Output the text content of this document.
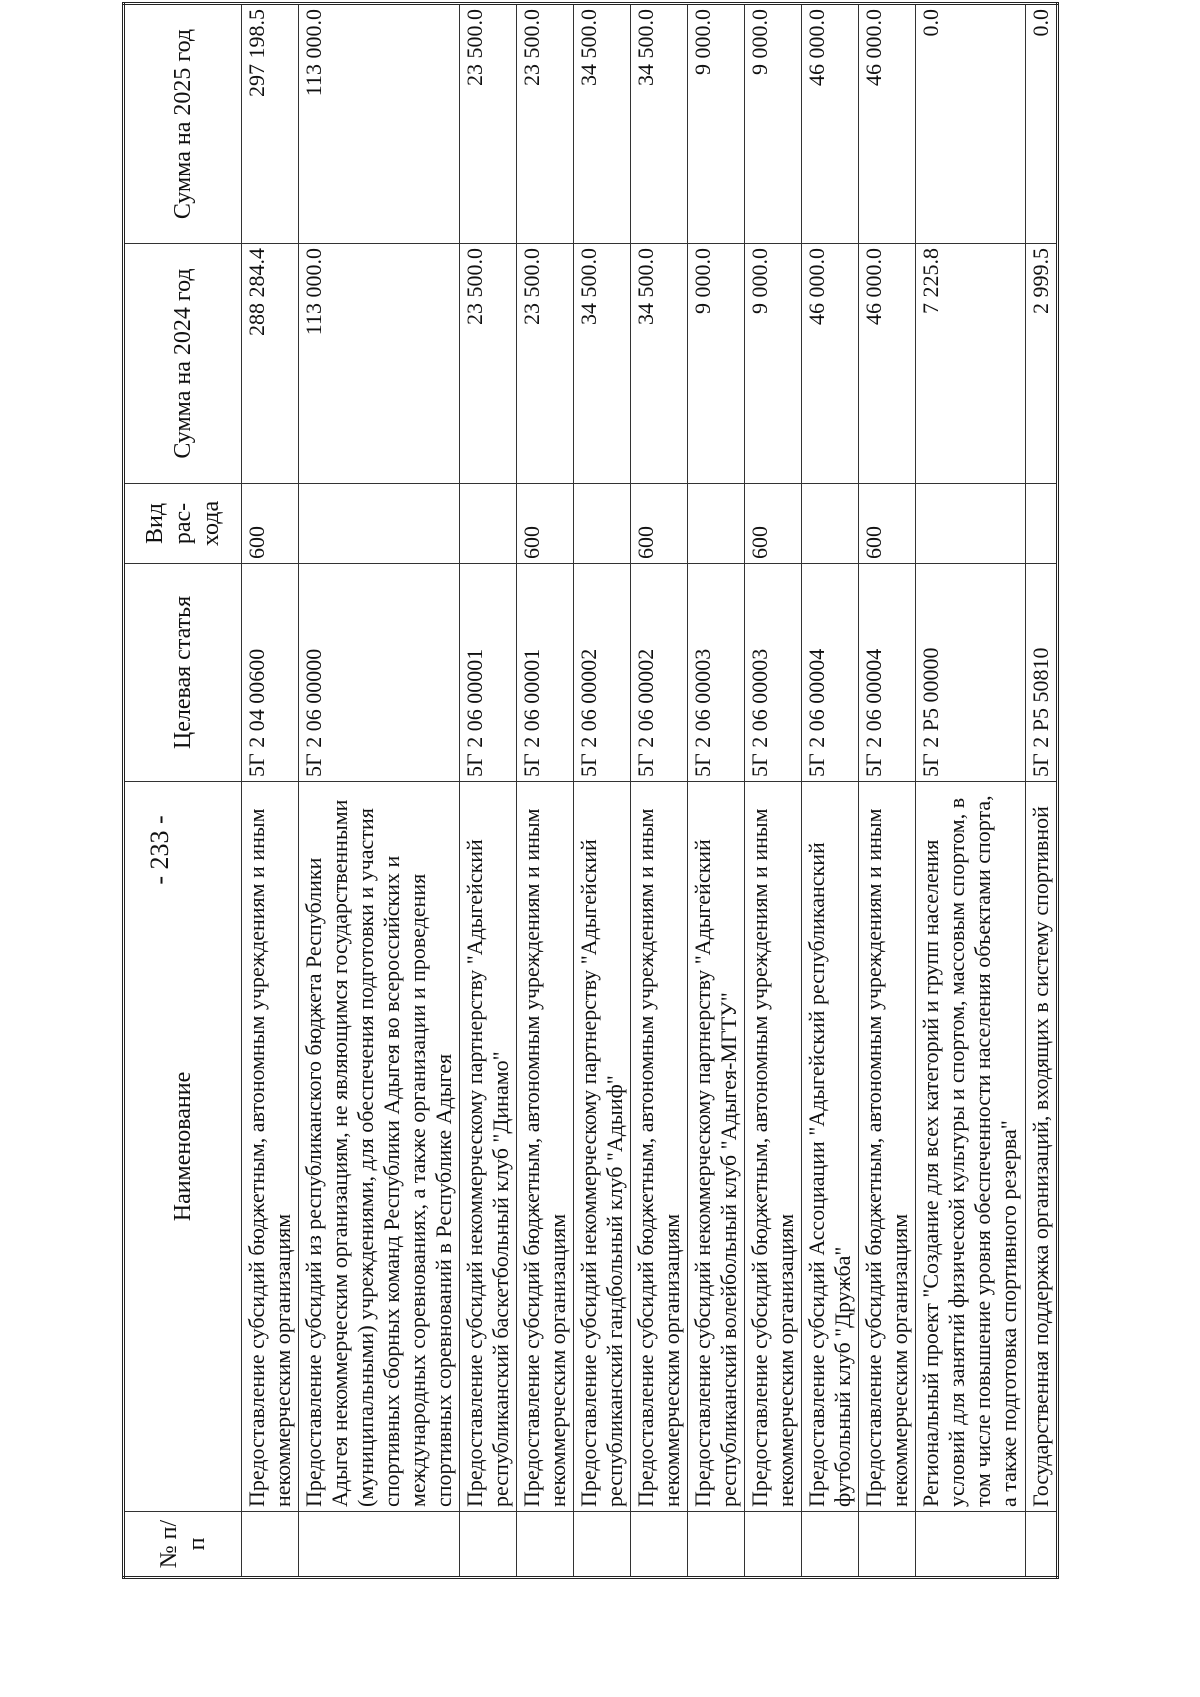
- 233 -
№ п/п	Наименование	Целевая статья	Вид рас- хода	Сумма на 2024 год	Сумма на 2025 год
	Предоставление субсидий бюджетным, автономным учреждениям и иным некоммерческим организациям	5Г 2 04 00600	600	288 284.4	297 198.5
	Предоставление субсидий из республиканского бюджета Республики Адыгея некоммерческим организациям, не являющимся государственными (муниципальными) учреждениями, для обеспечения подготовки и участия спортивных сборных команд Республики Адыгея во всероссийских и международных соревнованиях, а также организации и проведения спортивных соревнований в Республике Адыгея	5Г 2 06 00000		113 000.0	113 000.0
	Предоставление субсидий некоммерческому партнерству "Адыгейский республиканский баскетбольный клуб "Динамо"	5Г 2 06 00001		23 500.0	23 500.0
	Предоставление субсидий бюджетным, автономным учреждениям и иным некоммерческим организациям	5Г 2 06 00001	600	23 500.0	23 500.0
	Предоставление субсидий некоммерческому партнерству "Адыгейский республиканский гандбольный клуб "Адыиф"	5Г 2 06 00002		34 500.0	34 500.0
	Предоставление субсидий бюджетным, автономным учреждениям и иным некоммерческим организациям	5Г 2 06 00002	600	34 500.0	34 500.0
	Предоставление субсидий некоммерческому партнерству "Адыгейский республиканский волейбольный клуб "Адыгея-МГТУ"	5Г 2 06 00003		9 000.0	9 000.0
	Предоставление субсидий бюджетным, автономным учреждениям и иным некоммерческим организациям	5Г 2 06 00003	600	9 000.0	9 000.0
	Предоставление субсидий Ассоциации "Адыгейский республиканский футбольный клуб "Дружба"	5Г 2 06 00004		46 000.0	46 000.0
	Предоставление субсидий бюджетным, автономным учреждениям и иным некоммерческим организациям	5Г 2 06 00004	600	46 000.0	46 000.0
	Региональный проект "Создание для всех категорий и групп населения условий для занятий физической культуры и спортом, массовым спортом, в том числе повышение уровня обеспеченности населения объектами спорта, а также подготовка спортивного резерва"	5Г 2 Р5 00000		7 225.8	0.0
	Государственная поддержка организаций, входящих в систему спортивной	5Г 2 Р5 50810		2 999.5	0.0
